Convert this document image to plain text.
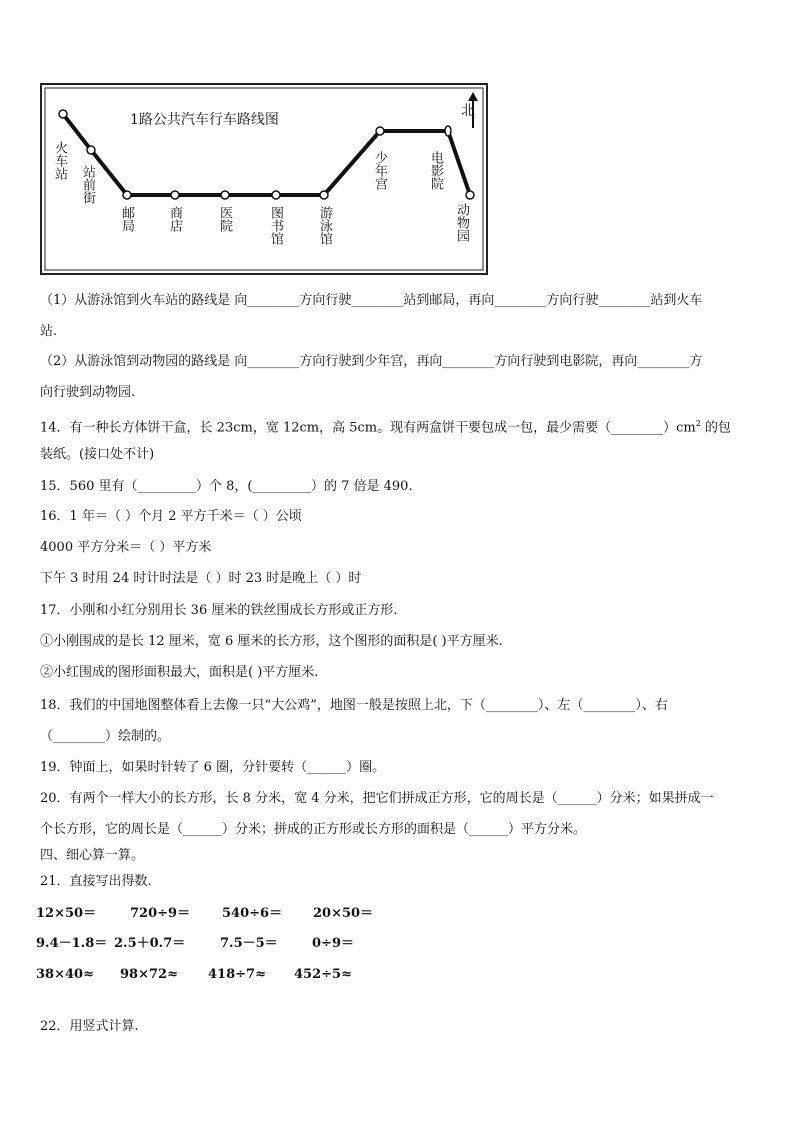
1路公共汽车行车路线图
北
火车站
站前街
邮局	商店	医院	图书馆	游泳馆
少年宫	电影院
动物园
（1）从游泳馆到火车站的路线是 向________方向行驶________站到邮局，再向________方向行驶________站到火车
站.
（2）从游泳馆到动物园的路线是 向________方向行驶到少年宫，再向________方向行驶到电影院，再向________方
向行驶到动物园.
14．有一种长方体饼干盒，长 23cm，宽 12cm，高 5cm。现有两盒饼干要包成一包，最少需要$(\_\_\_\_\_\_\_\_)cm^2$ 的包
装纸。(接口处不计)
15．560 里有（_________）个 8，(_________）的 7 倍是 490.
16．1 年＝（ ）个月 2 平方千米＝（ ）公顷
4000 平方分米＝（ ）平方米
下午 3 时用 24 时计时法是（ ）时 23 时是晚上（ ）时
17．小刚和小红分别用长 36 厘米的铁丝围成长方形或正方形.
①小刚围成的是长 12 厘米，宽 6 厘米的长方形，这个图形的面积是( )平方厘米.
②小红围成的图形面积最大，面积是( )平方厘米.
18．我们的中国地图整体看上去像一只“大公鸡”，地图一般是按照上北，下（________）、左（________）、右
（________）绘制的。
19．钟面上，如果时针转了 6 圈，分针要转（______）圈。
20．有两个一样大小的长方形，长 8 分米，宽 4 分米，把它们拼成正方形，它的周长是（______）分米；如果拼成一
个长方形，它的周长是（______）分米；拼成的正方形或长方形的面积是（______）平方分米。
四、细心算一算。
21．直接写出得数.
12×50＝	720÷9＝ 540÷6＝ 20×50＝
9.4－1.8＝ 2.5＋0.7＝	7.5－5＝	0÷9＝
38×40≈ 98×72≈ 418÷7≈ 452÷5≈
22．用竖式计算.
